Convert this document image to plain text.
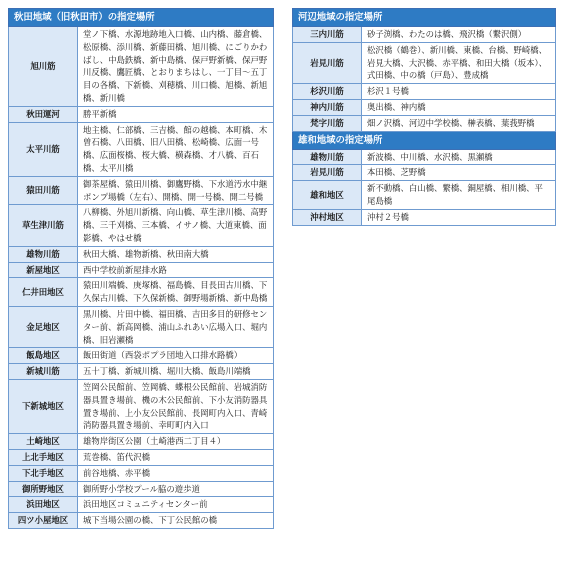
秋田地域（旧秋田市）の指定場所	
旭川筋	堂ノ下橋、水源地跡地入口橋、山内橋、藤倉橋、松原橋、添川橋、新藤田橋、旭川橋、にごりかわばし、中島鉄橋、新中島橋、保戸野新橋、保戸野川反橋、鷹匠橋、とおりまちはし、一丁目～五丁目の各橋、下新橋、刈穂橋、川口橋、旭橋、新旭橋、新川橋
秋田運河	勝平新橋
太平川筋	地主橋、仁部橋、三吉橋、館の越橋、本町橋、木曽石橋、八田橋、旧八田橋、松崎橋、広面一号橋、広面桜橋、桜大橋、横森橋、才八橋、百石橋、太平川橋
猿田川筋	御茶屋橋、猿田川橋、御鷹野橋、下水道汚水中継ポンプ場橋（左右）、開橋、開一号橋、開二号橋
草生津川筋	八柳橋、外旭川新橋、向山橋、草生津川橋、高野橋、三千刈橋、三本橋、イサノ橋、大道東橋、面影橋、やはせ橋
雄物川筋	秋田大橋、雄物新橋、秋田南大橋
新屋地区	西中学校前新屋排水路
仁井田地区	猿田川端橋、庚塚橋、福島橋、目長田古川橋、下久保古川橋、下久保新橋、御野場新橋、新中島橋
金足地区	黒川橋、片田中橋、福田橋、吉田多目的研修センター前、新高岡橋、浦山ふれあい広場入口、堀内橋、旧岩瀬橋
飯島地区	飯田街道（西袋ポプラ団地入口排水路橋）
新城川筋	五十丁橋、新城川橋、堀川大橋、飯島川端橋
下新城地区	笠岡公民館前、笠岡橋、蝶根公民館前、岩城消防器具置き場前、機の木公民館前、下小友消防器具置き場前、上小友公民館前、長岡町内入口、青崎消防器具置き場前、幸町町内入口
土崎地区	雄物岸街区公園（土崎港西二丁目４）
上北手地区	荒巻橋、笛代沢橋
下北手地区	前谷地橋、赤平橋
御所野地区	御所野小学校プール脇の遊歩道
浜田地区	浜田地区コミュニティセンター前
四ツ小屋地区	城下当場公園の橋、下丁公民館の橋
河辺地域の指定場所	
三内川筋	砂子渕橋、わたのは橋、飛沢橋（繋沢側）
岩見川筋	松沢橋（鶴巻）、新川橋、東橋、台橋、野崎橋、岩見大橋、大沢橋、赤平橋、和田大橋（坂本）、式田橋、中の橋（戸島）、豊成橋
杉沢川筋	杉沢１号橋
神内川筋	奥出橋、神内橋
梵字川筋	畑ノ沢橋、河辺中学校橋、榊表橋、葉莪野橋
雄和地域の指定場所	
雄物川筋	新波橋、中川橋、水沢橋、黒瀬橋
岩見川筋	本田橋、芝野橋
雄和地区	新不動橋、白山橋、繋橋、銅屋橋、相川橋、平尾島橋
沖村地区	沖村２号橋
